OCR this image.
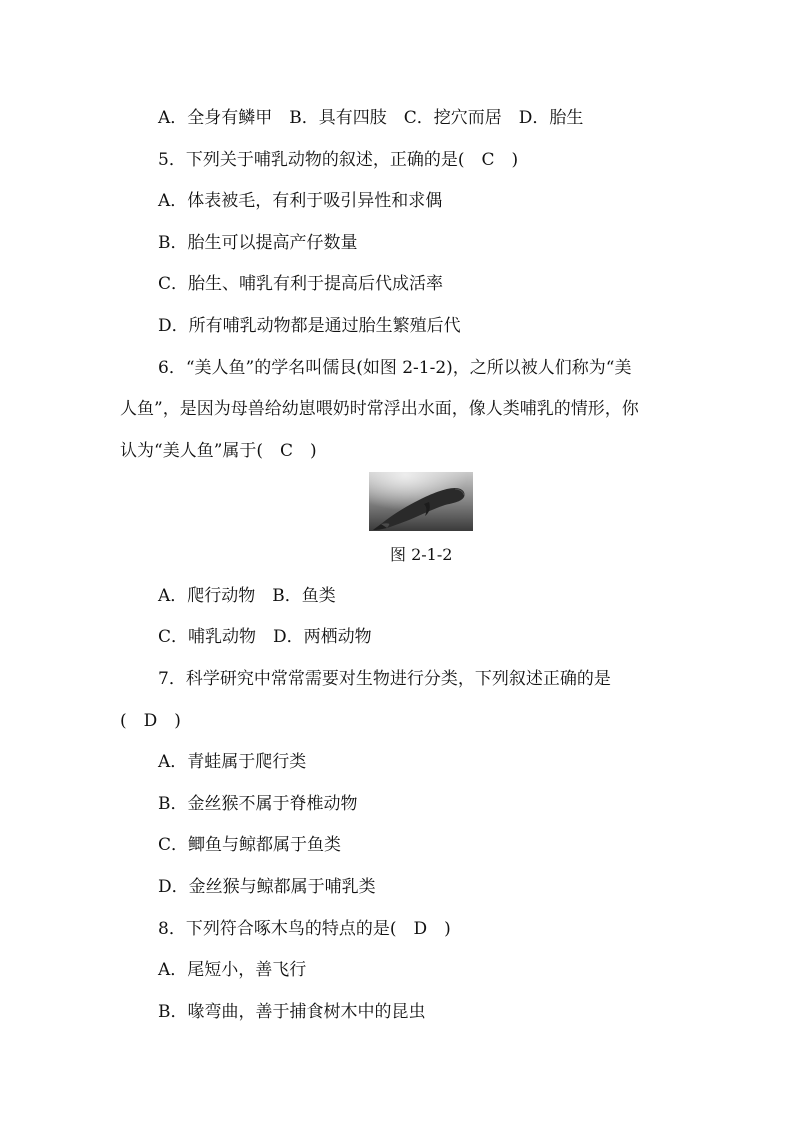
A．全身有鳞甲　B．具有四肢　C．挖穴而居　D．胎生
5．下列关于哺乳动物的叙述，正确的是(　C　)
A．体表被毛，有利于吸引异性和求偶
B．胎生可以提高产仔数量
C．胎生、哺乳有利于提高后代成活率
D．所有哺乳动物都是通过胎生繁殖后代
6．“美人鱼”的学名叫儒艮(如图 2-1-2)，之所以被人们称为“美
人鱼”，是因为母兽给幼崽喂奶时常浮出水面，像人类哺乳的情形，你
认为“美人鱼”属于(　C　)
图 2-1-2
A．爬行动物　B．鱼类
C．哺乳动物　D．两栖动物
7．科学研究中常常需要对生物进行分类，下列叙述正确的是
(　D　)
A．青蛙属于爬行类
B．金丝猴不属于脊椎动物
C．鲫鱼与鲸都属于鱼类
D．金丝猴与鲸都属于哺乳类
8．下列符合啄木鸟的特点的是(　D　)
A．尾短小，善飞行
B．喙弯曲，善于捕食树木中的昆虫
